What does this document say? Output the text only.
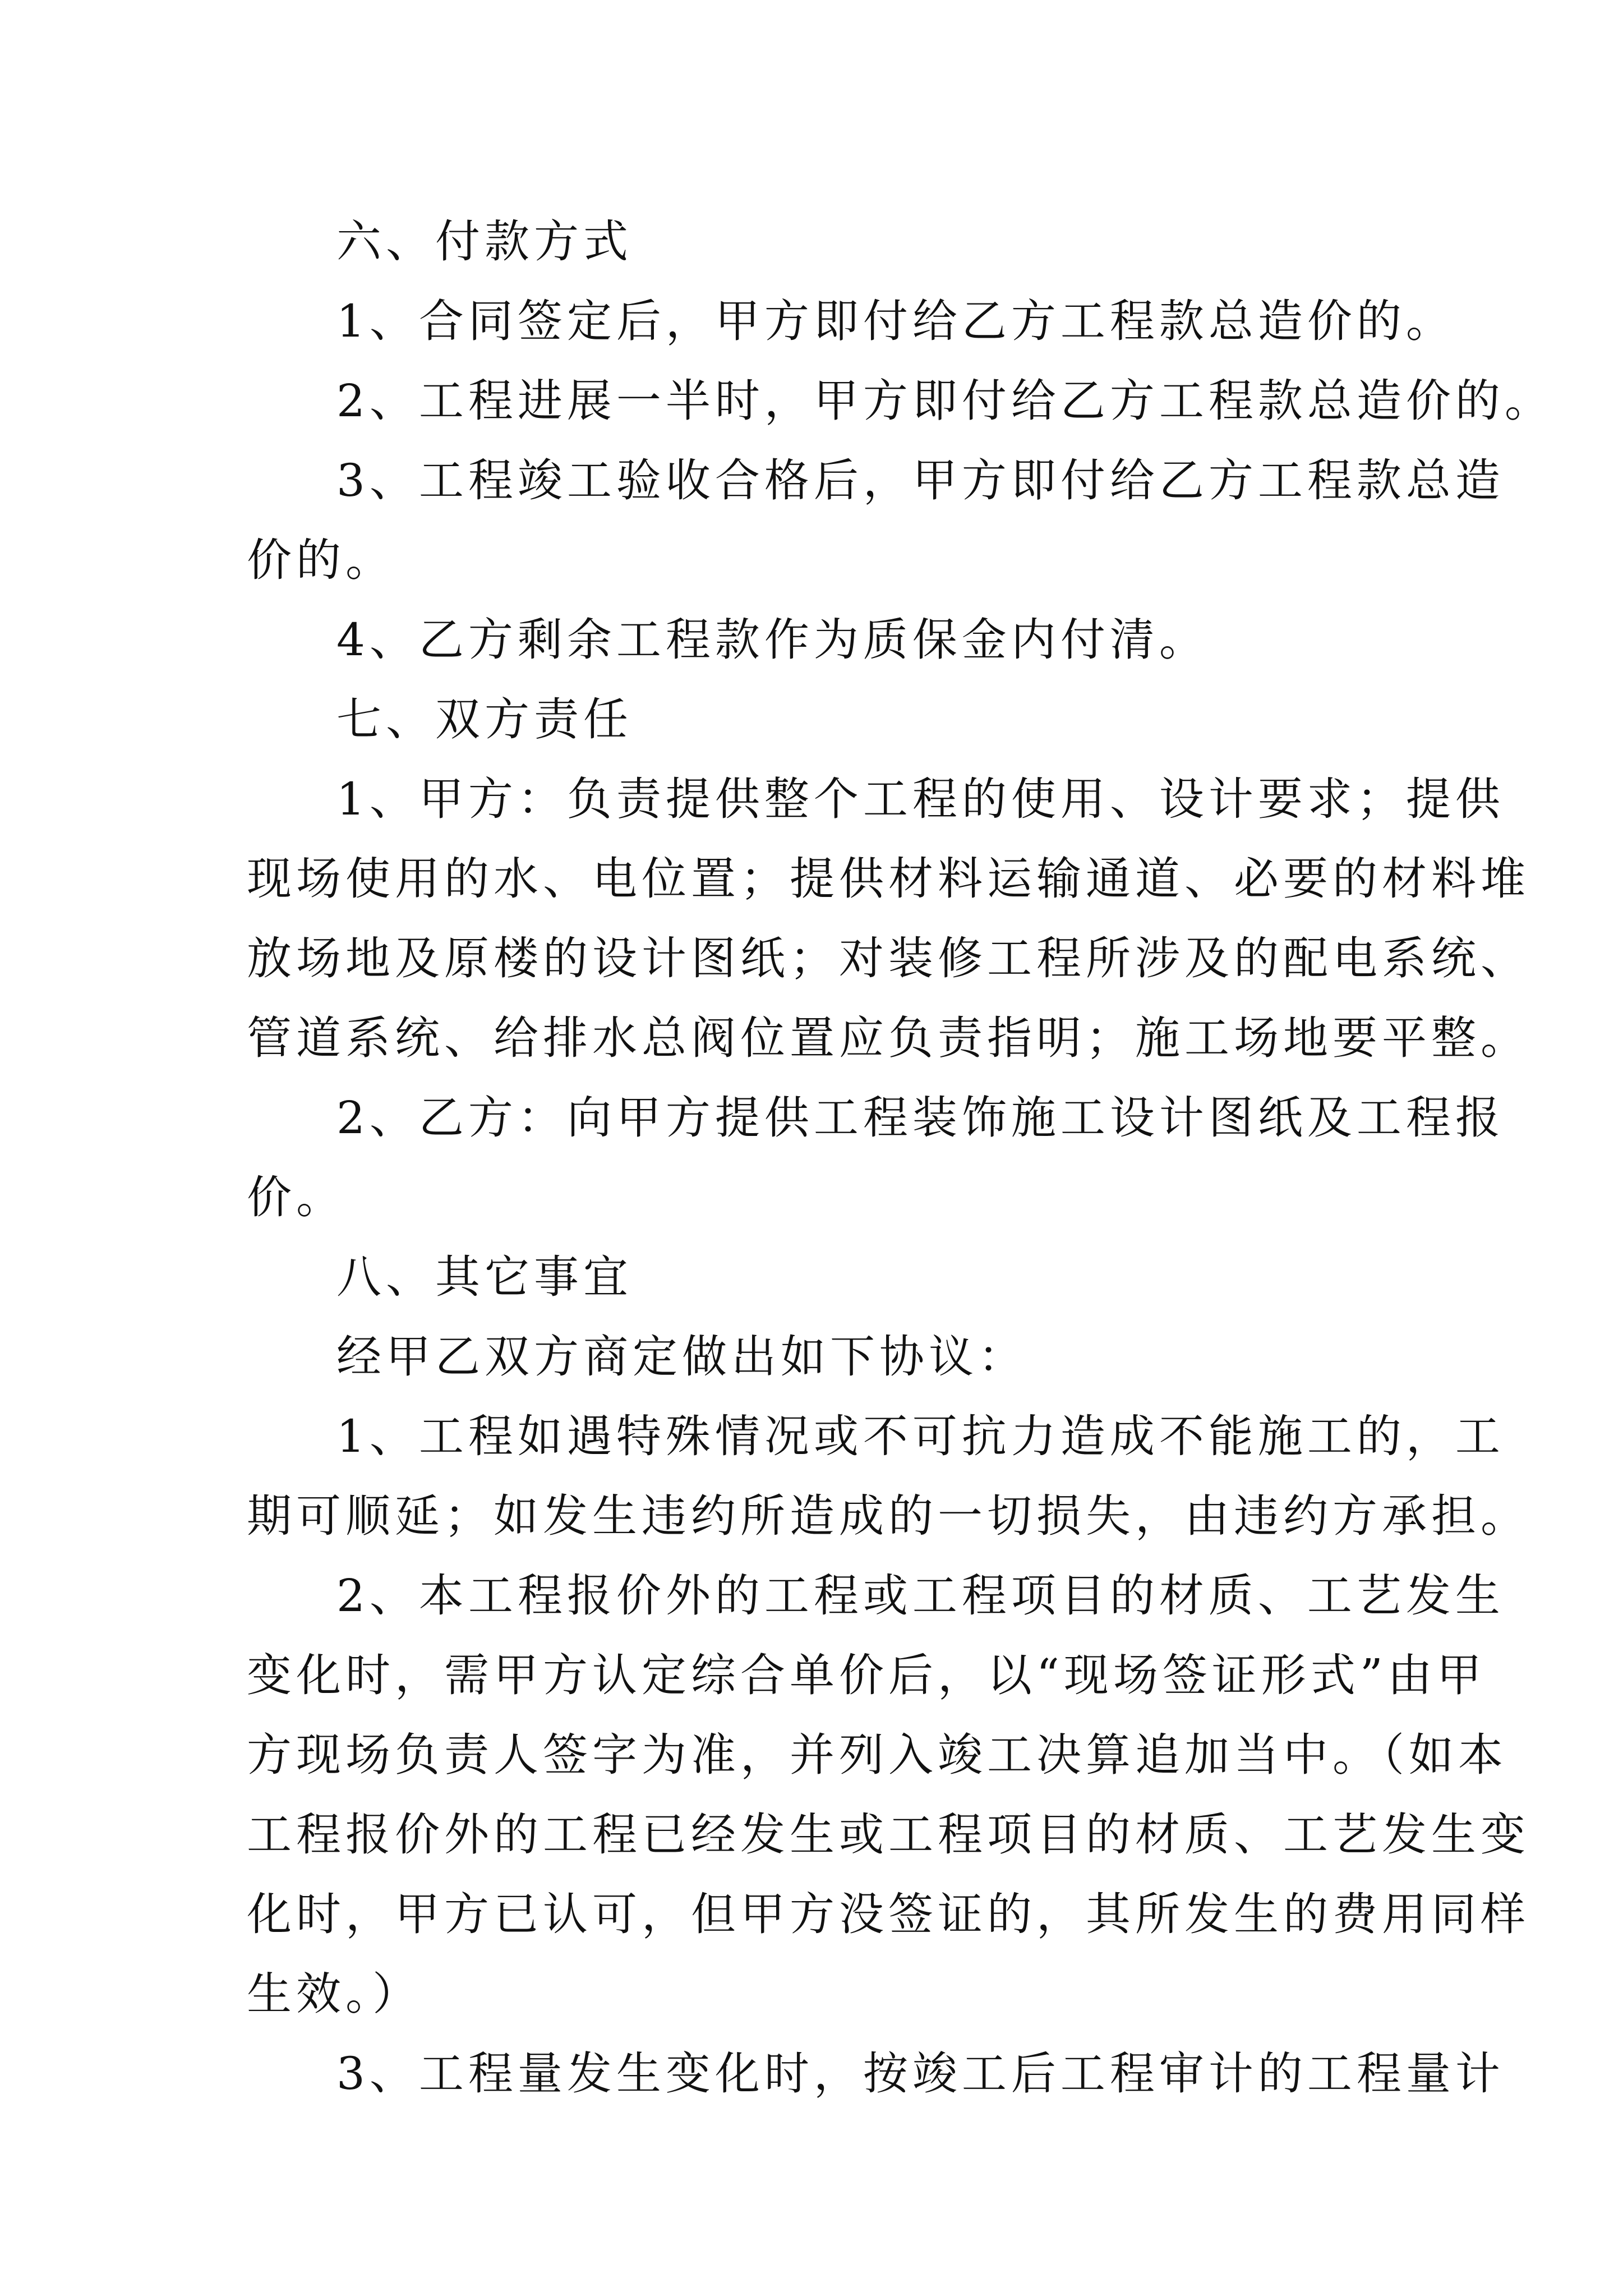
六、付款方式

1、合同签定后，甲方即付给乙方工程款总造价的。

2、工程进展一半时，甲方即付给乙方工程款总造价的。

3、工程竣工验收合格后，甲方即付给乙方工程款总造

价的。

4、乙方剩余工程款作为质保金内付清。

七、双方责任

1、甲方：负责提供整个工程的使用、设计要求；提供

现场使用的水、电位置；提供材料运输通道、必要的材料堆

放场地及原楼的设计图纸；对装修工程所涉及的配电系统、

管道系统、给排水总阀位置应负责指明；施工场地要平整。

2、乙方：向甲方提供工程装饰施工设计图纸及工程报

价。

八、其它事宜

经甲乙双方商定做出如下协议：

1、工程如遇特殊情况或不可抗力造成不能施工的，工

期可顺延；如发生违约所造成的一切损失，由违约方承担。

2、本工程报价外的工程或工程项目的材质、工艺发生

变化时，需甲方认定综合单价后，以“现场签证形式”由甲

方现场负责人签字为准，并列入竣工决算追加当中。（如本

工程报价外的工程已经发生或工程项目的材质、工艺发生变

化时，甲方已认可，但甲方没签证的，其所发生的费用同样

生效。）

3、工程量发生变化时，按竣工后工程审计的工程量计
